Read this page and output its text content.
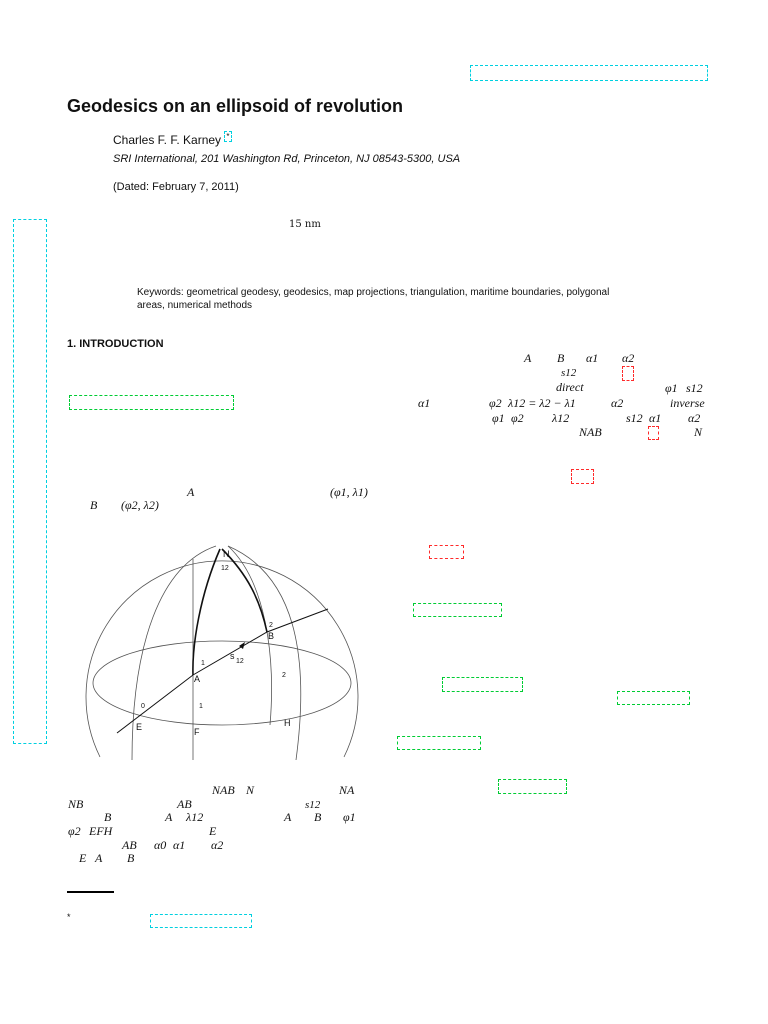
Geodesics on an ellipsoid of revolution
Charles F. F. Karney *
SRI International, 201 Washington Rd, Princeton, NJ 08543-5300, USA
(Dated: February 7, 2011)
15 nm
Keywords: geometrical geodesy, geodesics, map projections, triangulation, maritime boundaries, polygonal areas, numerical methods
1. INTRODUCTION
A	(φ1, λ1)
B (φ2, λ2)
N
12
2
B
s
12
1
A	2
0	1
E	H
F
NAB N	NA
NB	AB	s12
B	A λ12	A B φ1
φ2 EFH	E
AB α0 α1 α2
E A B
A B α1 α2
s12
direct	φ1 s12
α1	φ2 λ12 = λ2 − λ1	α2	inverse
φ1 φ2 λ12	s12 α1 α2
NAB	N
*
